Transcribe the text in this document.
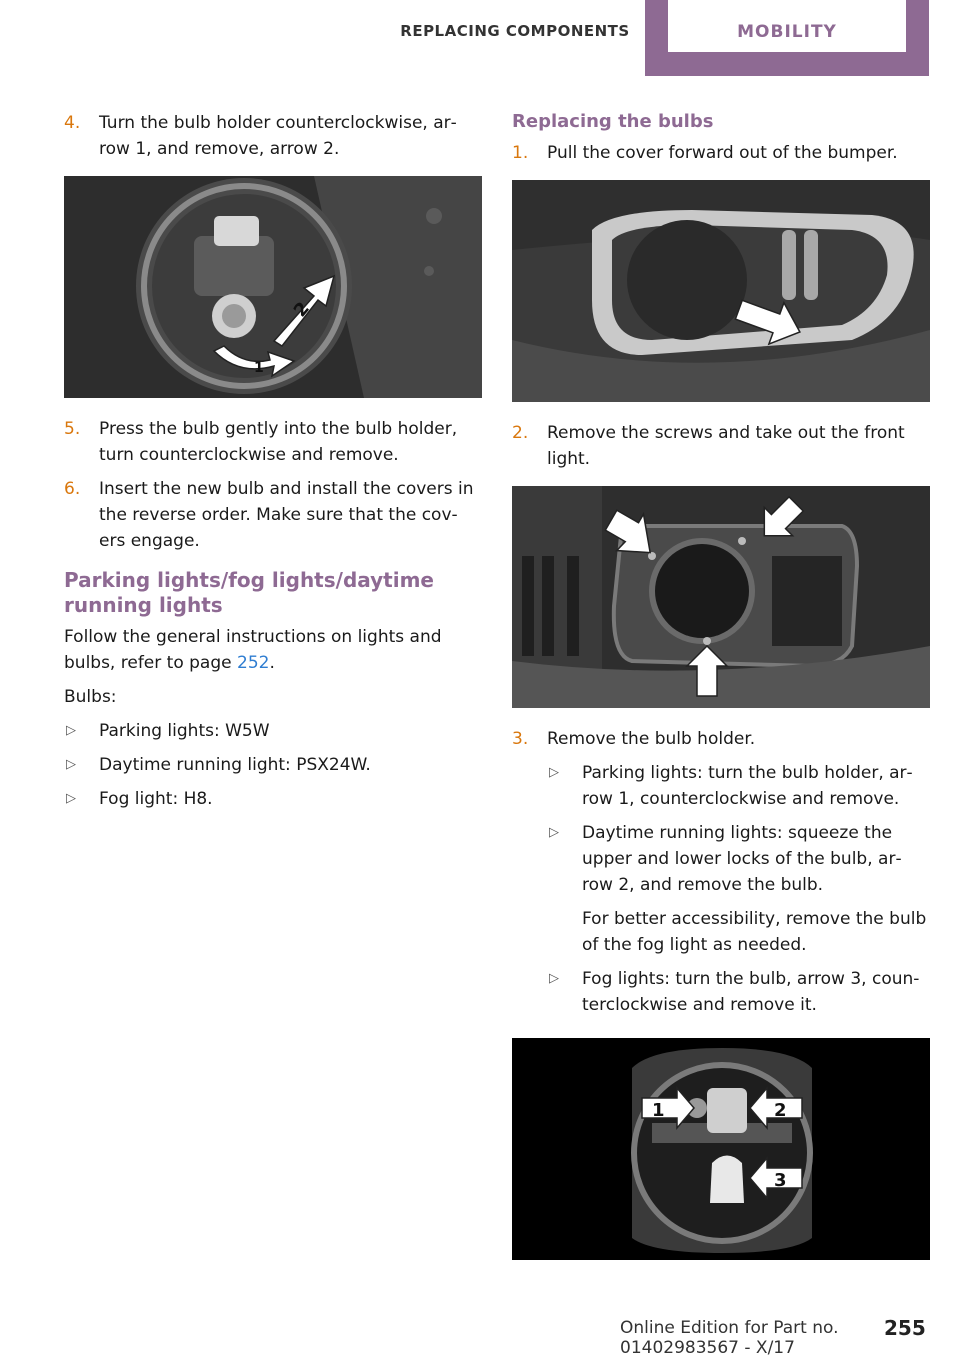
REPLACING COMPONENTS	MOBILITY
4. Turn the bulb holder counterclockwise, ar‐row 1, and remove, arrow 2.
2
1
5. Press the bulb gently into the bulb holder, turn counterclockwise and remove.
6. Insert the new bulb and install the covers in the reverse order. Make sure that the cov‐ers engage.
Parking lights/fog lights/daytime running lights
Follow the general instructions on lights and bulbs, refer to page 252.
Bulbs:
▷ Parking lights: W5W
▷ Daytime running light: PSX24W.
▷ Fog light: H8.
Replacing the bulbs
1. Pull the cover forward out of the bumper.
2. Remove the screws and take out the front light.
3. Remove the bulb holder.
▷ Parking lights: turn the bulb holder, ar‐row 1, counterclockwise and remove.
▷ Daytime running lights: squeeze the upper and lower locks of the bulb, ar‐row 2, and remove the bulb.
For better accessibility, remove the bulb of the fog light as needed.
▷ Fog lights: turn the bulb, arrow 3, coun‐terclockwise and remove it.
1	2
3
Online Edition for Part no. 01402983567 - X/17
255
